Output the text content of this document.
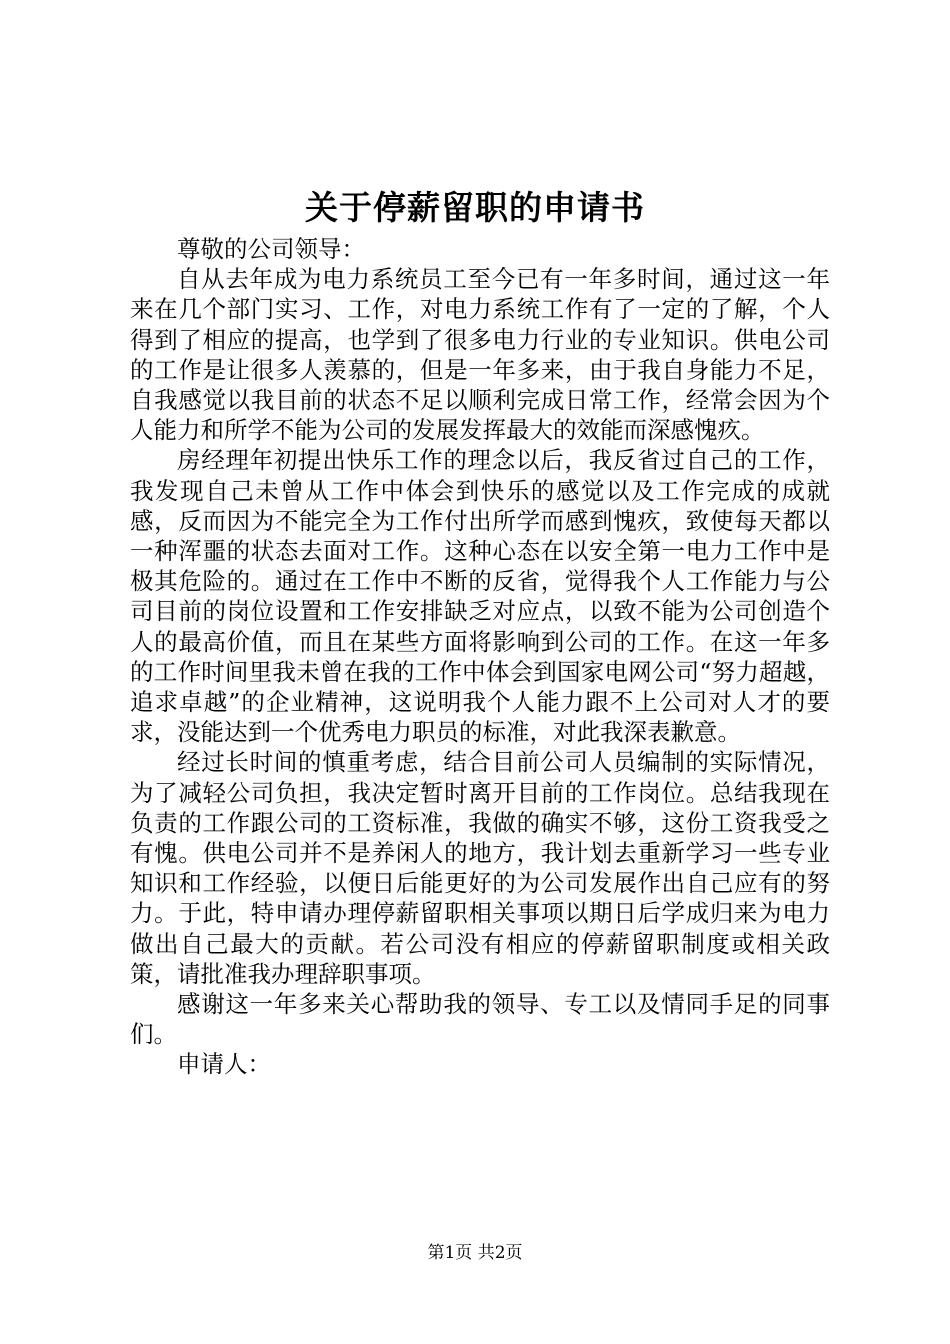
关于停薪留职的申请书

尊敬的公司领导：

自从去年成为电力系统员工至今已有一年多时间，通过这一年来在几个部门实习、工作，对电力系统工作有了一定的了解，个人得到了相应的提高，也学到了很多电力行业的专业知识。供电公司的工作是让很多人羡慕的，但是一年多来，由于我自身能力不足，自我感觉以我目前的状态不足以顺利完成日常工作，经常会因为个人能力和所学不能为公司的发展发挥最大的效能而深感愧疚。

房经理年初提出快乐工作的理念以后，我反省过自己的工作，我发现自己未曾从工作中体会到快乐的感觉以及工作完成的成就感，反而因为不能完全为工作付出所学而感到愧疚，致使每天都以一种浑噩的状态去面对工作。这种心态在以安全第一电力工作中是极其危险的。通过在工作中不断的反省，觉得我个人工作能力与公司目前的岗位设置和工作安排缺乏对应点，以致不能为公司创造个人的最高价值，而且在某些方面将影响到公司的工作。在这一年多的工作时间里我未曾在我的工作中体会到国家电网公司“努力超越，追求卓越”的企业精神，这说明我个人能力跟不上公司对人才的要求，没能达到一个优秀电力职员的标准，对此我深表歉意。

经过长时间的慎重考虑，结合目前公司人员编制的实际情况，为了减轻公司负担，我决定暂时离开目前的工作岗位。总结我现在负责的工作跟公司的工资标准，我做的确实不够，这份工资我受之有愧。供电公司并不是养闲人的地方，我计划去重新学习一些专业知识和工作经验，以便日后能更好的为公司发展作出自己应有的努力。于此，特申请办理停薪留职相关事项以期日后学成归来为电力做出自己最大的贡献。若公司没有相应的停薪留职制度或相关政策，请批准我办理辞职事项。

感谢这一年多来关心帮助我的领导、专工以及情同手足的同事们。

申请人：

第1页 共2页
